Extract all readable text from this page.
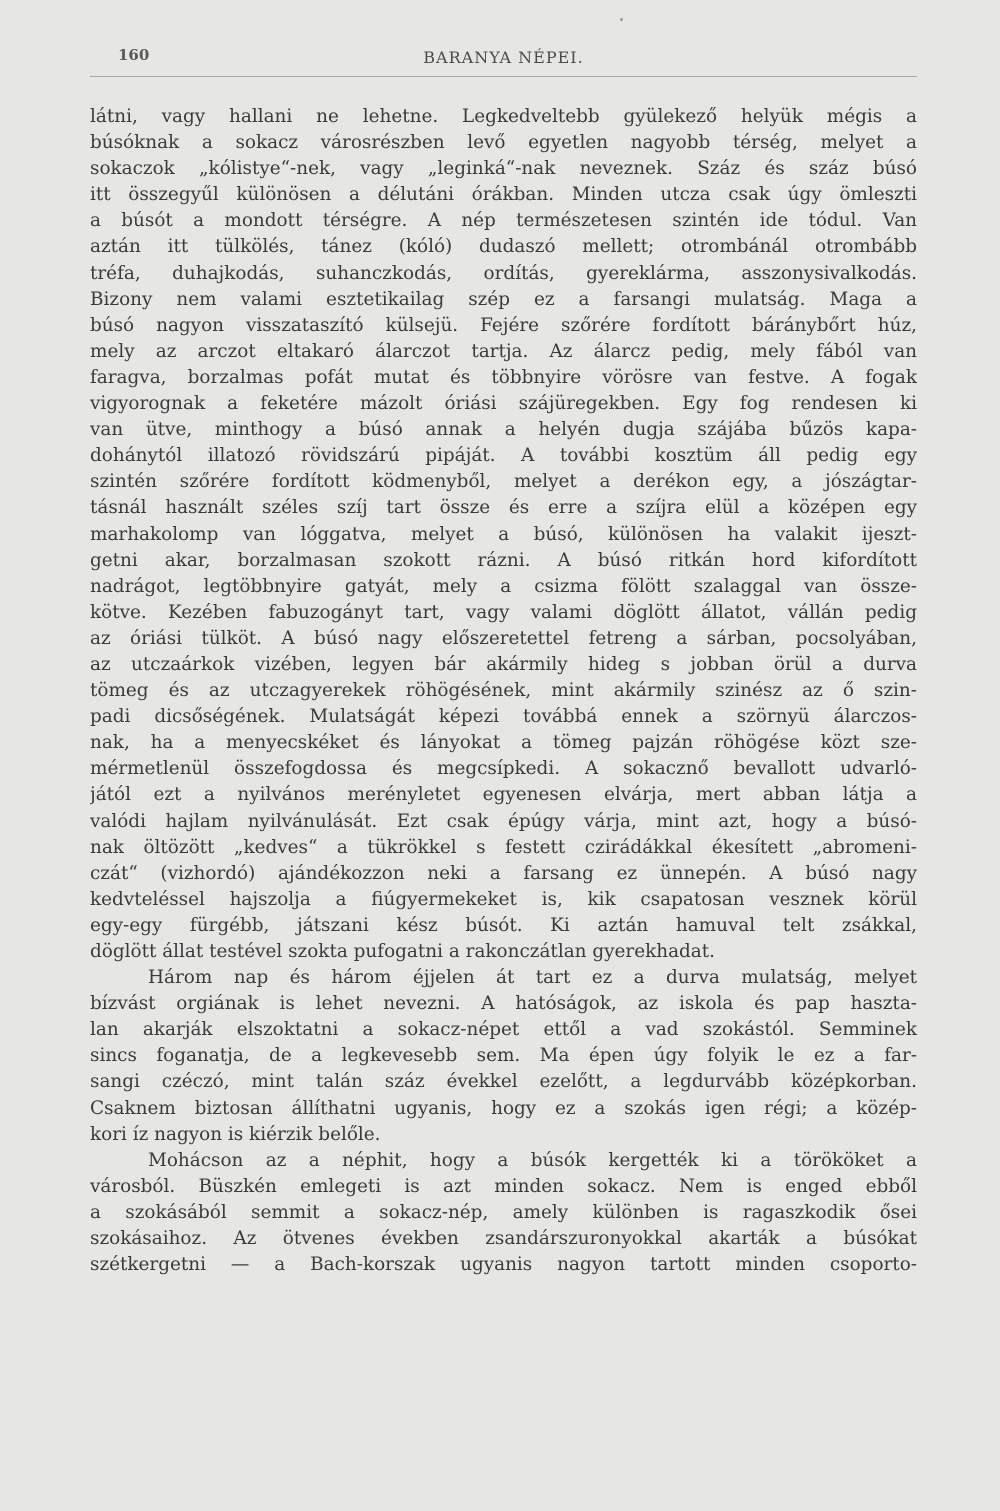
160	BARANYA NÉPEI.
látni, vagy hallani ne lehetne. Legkedveltebb gyülekező helyük mégis a
búsóknak a sokacz városrészben levő egyetlen nagyobb térség, melyet a
sokaczok „kólistye“-nek, vagy „leginká“-nak neveznek. Száz és száz búsó
itt összegyűl különösen a délutáni órákban. Minden utcza csak úgy ömleszti
a búsót a mondott térségre. A nép természetesen szintén ide tódul. Van
aztán itt tülkölés, tánez (kóló) dudaszó mellett; otrombánál otrombább
tréfa, duhajkodás, suhanczkodás, ordítás, gyereklárma, asszonysivalkodás.
Bizony nem valami esztetikailag szép ez a farsangi mulatság. Maga a
búsó nagyon visszataszító külsejü. Fejére szőrére fordított báránybőrt húz,
mely az arczot eltakaró álarczot tartja. Az álarcz pedig, mely fából van
faragva, borzalmas pofát mutat és többnyire vörösre van festve. A fogak
vigyorognak a feketére mázolt óriási szájüregekben. Egy fog rendesen ki
van ütve, minthogy a búsó annak a helyén dugja szájába bűzös kapa-
dohánytól illatozó rövidszárú pipáját. A további kosztüm áll pedig egy
szintén szőrére fordított ködmenyből, melyet a derékon egy, a jószágtar-
tásnál használt széles szíj tart össze és erre a szíjra elül a középen egy
marhakolomp van lóggatva, melyet a búsó, különösen ha valakit ijeszt-
getni akar, borzalmasan szokott rázni. A búsó ritkán hord kifordított
nadrágot, legtöbbnyire gatyát, mely a csizma fölött szalaggal van össze-
kötve. Kezében fabuzogányt tart, vagy valami döglött állatot, vállán pedig
az óriási tülköt. A búsó nagy előszeretettel fetreng a sárban, pocsolyában,
az utczaárkok vizében, legyen bár akármily hideg s jobban örül a durva
tömeg és az utczagyerekek röhögésének, mint akármily szinész az ő szin-
padi dicsőségének. Mulatságát képezi továbbá ennek a szörnyü álarczos-
nak, ha a menyecskéket és lányokat a tömeg pajzán röhögése közt sze-
mérmetlenül összefogdossa és megcsípkedi. A sokacznő bevallott udvarló-
jától ezt a nyilvános merényletet egyenesen elvárja, mert abban látja a
valódi hajlam nyilvánulását. Ezt csak épúgy várja, mint azt, hogy a búsó-
nak öltözött „kedves“ a tükrökkel s festett czirádákkal ékesített „abromeni-
czát“ (vizhordó) ajándékozzon neki a farsang ez ünnepén. A búsó nagy
kedvteléssel hajszolja a fiúgyermekeket is, kik csapatosan vesznek körül
egy-egy fürgébb, játszani kész búsót. Ki aztán hamuval telt zsákkal,
döglött állat testével szokta pufogatni a rakonczátlan gyerekhadat.
Három nap és három éjjelen át tart ez a durva mulatság, melyet
bízvást orgiának is lehet nevezni. A hatóságok, az iskola és pap haszta-
lan akarják elszoktatni a sokacz-népet ettől a vad szokástól. Semminek
sincs foganatja, de a legkevesebb sem. Ma épen úgy folyik le ez a far-
sangi czéczó, mint talán száz évekkel ezelőtt, a legdurvább középkorban.
Csaknem biztosan állíthatni ugyanis, hogy ez a szokás igen régi; a közép-
kori íz nagyon is kiérzik belőle.
Mohácson az a néphit, hogy a búsók kergették ki a törököket a
városból. Büszkén emlegeti is azt minden sokacz. Nem is enged ebből
a szokásából semmit a sokacz-nép, amely különben is ragaszkodik ősei
szokásaihoz. Az ötvenes években zsandárszuronyokkal akarták a búsókat
szétkergetni — a Bach-korszak ugyanis nagyon tartott minden csoporto-
